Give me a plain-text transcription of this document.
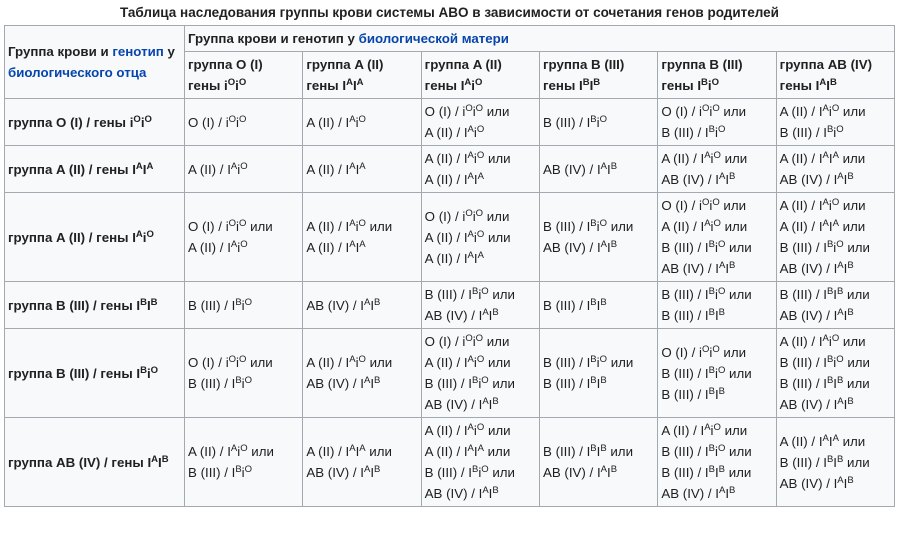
Таблица наследования группы крови системы ABO в зависимости от сочетания генов родителей
Группа крови и генотип у биологического отца	Группа крови и генотип у биологической матери					

	группа O (I)
гены $i^Oi^O$	группа A (II)
гены $I^AI^A$	группа A (II)
гены $I^Ai^O$	группа B (III)
гены $I^BI^B$	группа B (III)
гены $I^Bi^O$	группа AB (IV)
гены $I^AI^B$

группа O (I) / гены $i^Oi^O$	O $(I) / i^Oi^O$	A $(II) / I^Ai^O$	O $(I) / i^Oi^O$ или
A $(II) / I^Ai^O$	B $(III) / I^Bi^O$	O $(I) / i^Oi^O$ или
B $(III) / I^Bi^O$	A $(II) / I^Ai^O$ или
B $(III) / I^Bi^O$

группа A (II) / гены $I^AI^A$	A $(II) / I^Ai^O$	A $(II) / I^AI^A$	A $(II) / I^Ai^O$ или
A $(II) / I^AI^A$	AB $(IV) / I^AI^B$	A $(II) / I^Ai^O$ или
AB $(IV) / I^AI^B$	A $(II) / I^AI^A$ или
AB $(IV) / I^AI^B$

группа A (II) / гены $I^Ai^O$	O $(I) / i^Oi^O$ или
A $(II) / I^Ai^O$	A $(II) / I^Ai^O$ или
A $(II) / I^AI^A$	O $(I) / i^Oi^O$ или
A $(II) / I^Ai^O$ или
A $(II) / I^AI^A$	B $(III) / I^Bi^O$ или
AB $(IV) / I^AI^B$	O $(I) / i^Oi^O$ или
A $(II) / I^Ai^O$ или
B $(III) / I^Bi^O$ или
AB $(IV) / I^AI^B$	A $(II) / I^Ai^O$ или
A $(II) / I^AI^A$ или
B $(III) / I^Bi^O$ или
AB $(IV) / I^AI^B$

группа B (III) / гены $I^BI^B$	B $(III) / I^Bi^O$	AB $(IV) / I^AI^B$	B $(III) / I^Bi^O$ или
AB $(IV) / I^AI^B$	B $(III) / I^BI^B$	B $(III) / I^Bi^O$ или
B $(III) / I^BI^B$	B $(III) / I^BI^B$ или
AB $(IV) / I^AI^B$

группа B (III) / гены $I^Bi^O$	O $(I) / i^Oi^O$ или
B $(III) / I^Bi^O$	A $(II) / I^Ai^O$ или
AB $(IV) / I^AI^B$	O $(I) / i^Oi^O$ или
A $(II) / I^Ai^O$ или
B $(III) / I^Bi^O$ или
AB $(IV) / I^AI^B$	B $(III) / I^Bi^O$ или
B $(III) / I^BI^B$	O $(I) / i^Oi^O$ или
B $(III) / I^Bi^O$ или
B $(III) / I^BI^B$	A $(II) / I^Ai^O$ или
B $(III) / I^Bi^O$ или
B $(III) / I^BI^B$ или
AB $(IV) / I^AI^B$

группа AB (IV) / гены $I^AI^B$	A $(II) / I^Ai^O$ или
B $(III) / I^Bi^O$	A $(II) / I^AI^A$ или
AB $(IV) / I^AI^B$	A $(II) / I^Ai^O$ или
A $(II) / I^AI^A$ или
B $(III) / I^Bi^O$ или
AB $(IV) / I^AI^B$	B $(III) / I^BI^B$ или
AB $(IV) / I^AI^B$	A $(II) / I^Ai^O$ или
B $(III) / I^Bi^O$ или
B $(III) / I^BI^B$ или
AB $(IV) / I^AI^B$	A $(II) / I^AI^A$ или
B $(III) / I^BI^B$ или
AB $(IV) / I^AI^B$
